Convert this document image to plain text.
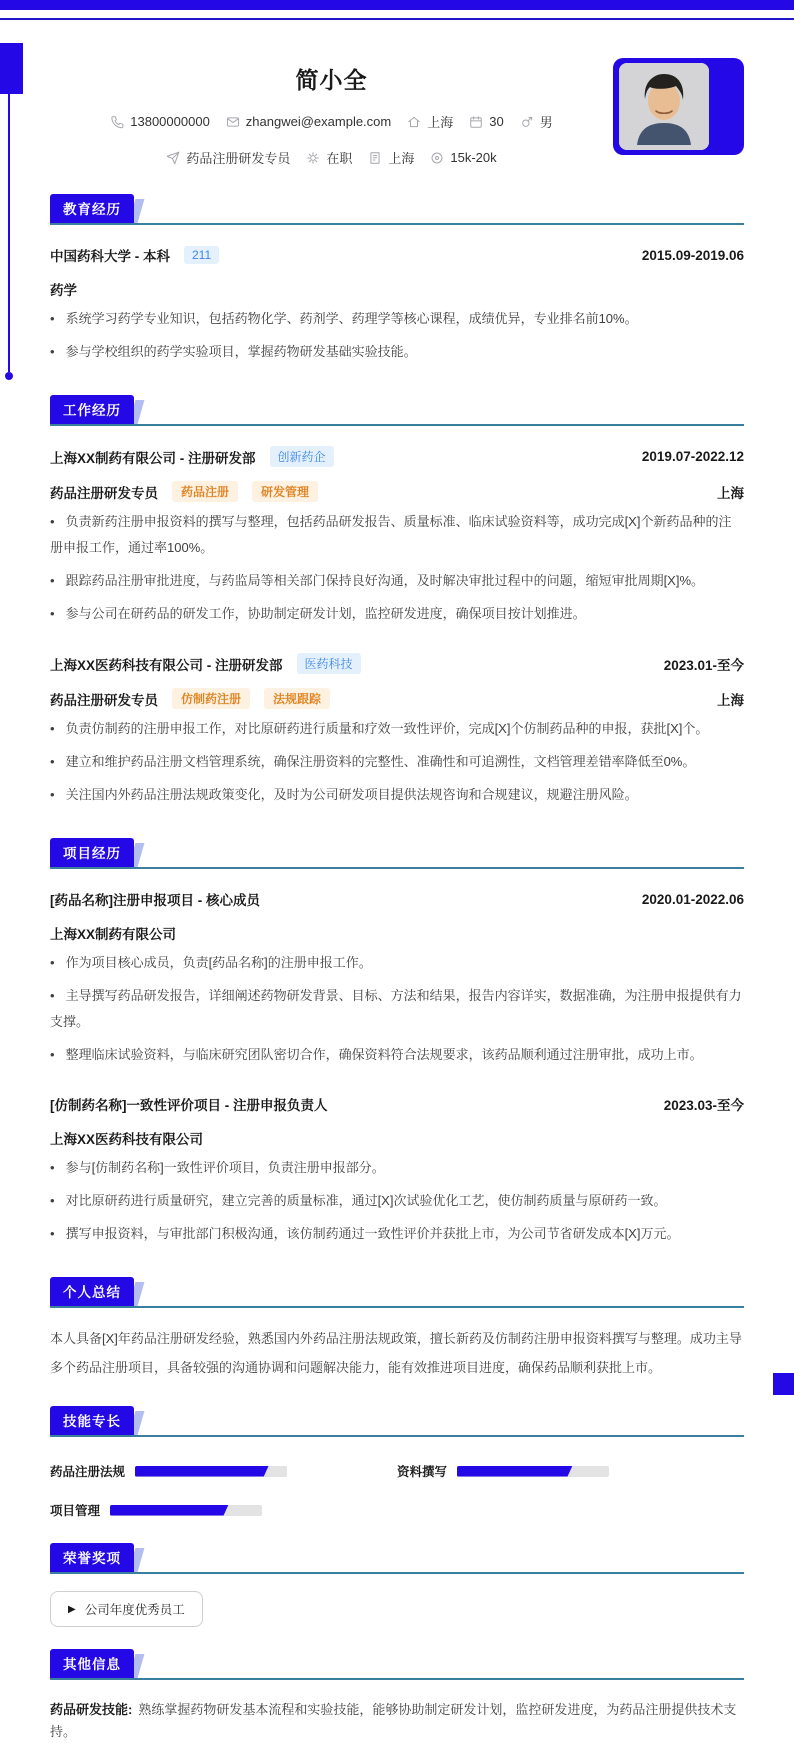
简小全
13800000000	zhangwei@example.com	上海	30	男
药品注册研发专员	在职	上海	15k-20k
教育经历
中国药科大学 - 本科	211	2015.09-2019.06
药学
• 系统学习药学专业知识，包括药物化学、药剂学、药理学等核心课程，成绩优异，专业排名前10%。
• 参与学校组织的药学实验项目，掌握药物研发基础实验技能。
工作经历
上海XX制药有限公司 - 注册研发部	创新药企	2019.07-2022.12
药品注册研发专员	药品注册	研发管理	上海
• 负责新药注册申报资料的撰写与整理，包括药品研发报告、质量标准、临床试验资料等，成功完成[X]个新药品种的注册申报工作，通过率100%。
• 跟踪药品注册审批进度，与药监局等相关部门保持良好沟通，及时解决审批过程中的问题，缩短审批周期[X]%。
• 参与公司在研药品的研发工作，协助制定研发计划，监控研发进度，确保项目按计划推进。
上海XX医药科技有限公司 - 注册研发部	医药科技	2023.01-至今
药品注册研发专员	仿制药注册	法规跟踪	上海
• 负责仿制药的注册申报工作，对比原研药进行质量和疗效一致性评价，完成[X]个仿制药品种的申报，获批[X]个。
• 建立和维护药品注册文档管理系统，确保注册资料的完整性、准确性和可追溯性，文档管理差错率降低至0%。
• 关注国内外药品注册法规政策变化，及时为公司研发项目提供法规咨询和合规建议，规避注册风险。
项目经历
[药品名称]注册申报项目 - 核心成员	2020.01-2022.06
上海XX制药有限公司
• 作为项目核心成员，负责[药品名称]的注册申报工作。
• 主导撰写药品研发报告，详细阐述药物研发背景、目标、方法和结果，报告内容详实，数据准确，为注册申报提供有力支撑。
• 整理临床试验资料，与临床研究团队密切合作，确保资料符合法规要求，该药品顺利通过注册审批，成功上市。
[仿制药名称]一致性评价项目 - 注册申报负责人	2023.03-至今
上海XX医药科技有限公司
• 参与[仿制药名称]一致性评价项目，负责注册申报部分。
• 对比原研药进行质量研究，建立完善的质量标准，通过[X]次试验优化工艺，使仿制药质量与原研药一致。
• 撰写申报资料，与审批部门积极沟通，该仿制药通过一致性评价并获批上市，为公司节省研发成本[X]万元。
个人总结
本人具备[X]年药品注册研发经验，熟悉国内外药品注册法规政策，擅长新药及仿制药注册申报资料撰写与整理。成功主导多个药品注册项目，具备较强的沟通协调和问题解决能力，能有效推进项目进度，确保药品顺利获批上市。
技能专长
药品注册法规	资料撰写
项目管理
荣誉奖项
▶ 公司年度优秀员工
其他信息
药品研发技能: 熟练掌握药物研发基本流程和实验技能，能够协助制定研发计划，监控研发进度，为药品注册提供技术支持。
